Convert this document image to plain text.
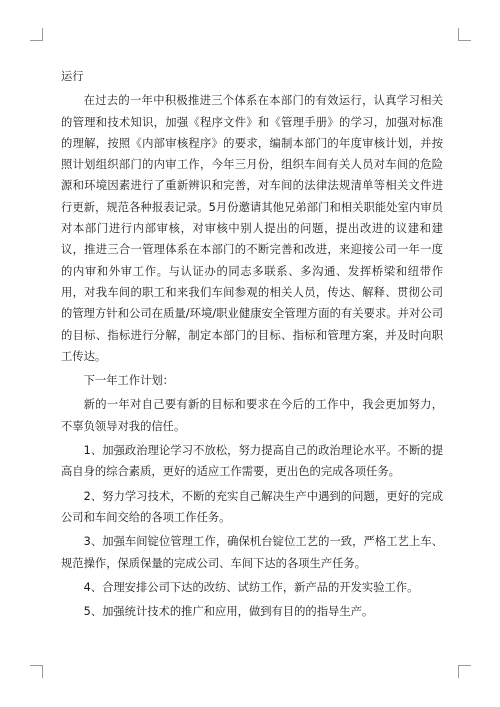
运行

在过去的一年中积极推进三个体系在本部门的有效运行，认真学习相关的管理和技术知识，加强《程序文件》和《管理手册》的学习，加强对标准的理解，按照《内部审核程序》的要求，编制本部门的年度审核计划，并按照计划组织部门的内审工作，今年三月份，组织车间有关人员对车间的危险源和环境因素进行了重新辨识和完善，对车间的法律法规清单等相关文件进行更新，规范各种报表记录。5月份邀请其他兄弟部门和相关职能处室内审员对本部门进行内部审核，对审核中别人提出的问题，提出改进的议建和建议，推进三合一管理体系在本部门的不断完善和改进，来迎接公司一年一度的内审和外审工作。与认证办的同志多联系、多沟通、发挥桥梁和纽带作用，对我车间的职工和来我们车间参观的相关人员，传达、解释、贯彻公司的管理方针和公司在质量/环境/职业健康安全管理方面的有关要求。并对公司的目标、指标进行分解，制定本部门的目标、指标和管理方案，并及时向职工传达。

下一年工作计划：

新的一年对自己要有新的目标和要求在今后的工作中，我会更加努力，不辜负领导对我的信任。

1、加强政治理论学习不放松，努力提高自己的政治理论水平。不断的提高自身的综合素质，更好的适应工作需要，更出色的完成各项任务。

2、努力学习技术，不断的充实自己解决生产中遇到的问题，更好的完成公司和车间交给的各项工作任务。

3、加强车间锭位管理工作，确保机台锭位工艺的一致，严格工艺上车、规范操作，保质保量的完成公司、车间下达的各项生产任务。

4、合理安排公司下达的改纺、试纺工作，新产品的开发实验工作。

5、加强统计技术的推广和应用，做到有目的的指导生产。
